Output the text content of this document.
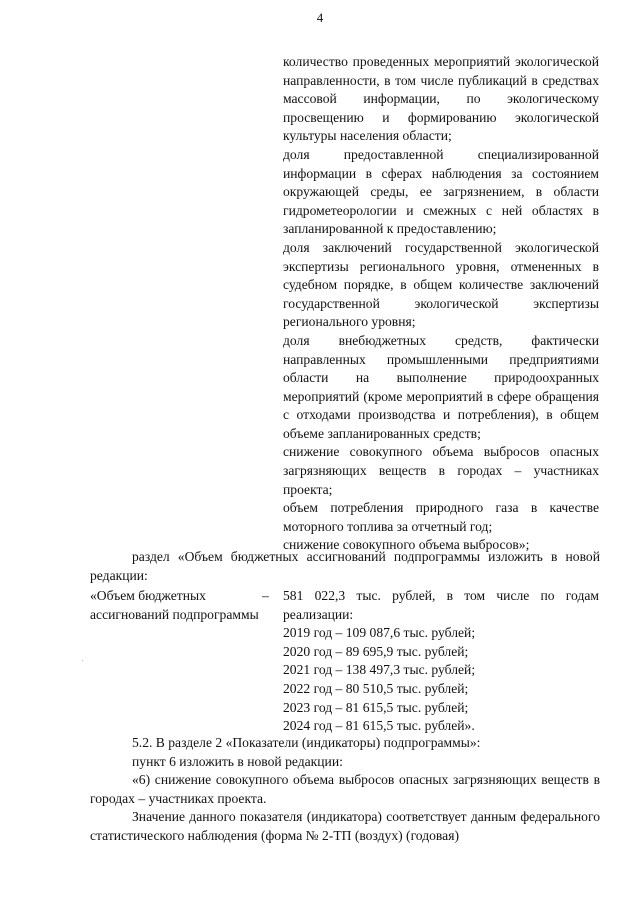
4

количество проведенных мероприятий экологической направленности, в том числе публикаций в средствах массовой информации, по экологическому просвещению и формированию экологической культуры населения области;

доля предоставленной специализированной информации в сферах наблюдения за состоянием окружающей среды, ее загрязнением, в области гидрометеорологии и смежных с ней областях в запланированной к предоставлению;

доля заключений государственной экологической экспертизы регионального уровня, отмененных в судебном порядке, в общем количестве заключений государственной экологической экспертизы регионального уровня;

доля внебюджетных средств, фактически направленных промышленными предприятиями области на выполнение природоохранных мероприятий (кроме мероприятий в сфере обращения с отходами производства и потребления), в общем объеме запланированных средств;

снижение совокупного объема выбросов опасных загрязняющих веществ в городах – участниках проекта;

объем потребления природного газа в качестве моторного топлива за отчетный год;

снижение совокупного объема выбросов»;

раздел «Объем бюджетных ассигнований подпрограммы изложить в новой редакции:

«Объем бюджетных ассигнований подпрограммы
– 581 022,3 тыс. рублей, в том числе по годам реализации:

2019 год – 109 087,6 тыс. рублей;

2020 год – 89 695,9 тыс. рублей;

2021 год – 138 497,3 тыс. рублей;

2022 год – 80 510,5 тыс. рублей;

2023 год – 81 615,5 тыс. рублей;

2024 год – 81 615,5 тыс. рублей».

5.2. В разделе 2 «Показатели (индикаторы) подпрограммы»:

пункт 6 изложить в новой редакции:

«6) снижение совокупного объема выбросов опасных загрязняющих веществ в городах – участниках проекта.

Значение данного показателя (индикатора) соответствует данным федерального статистического наблюдения (форма № 2-ТП (воздух) (годовая)
